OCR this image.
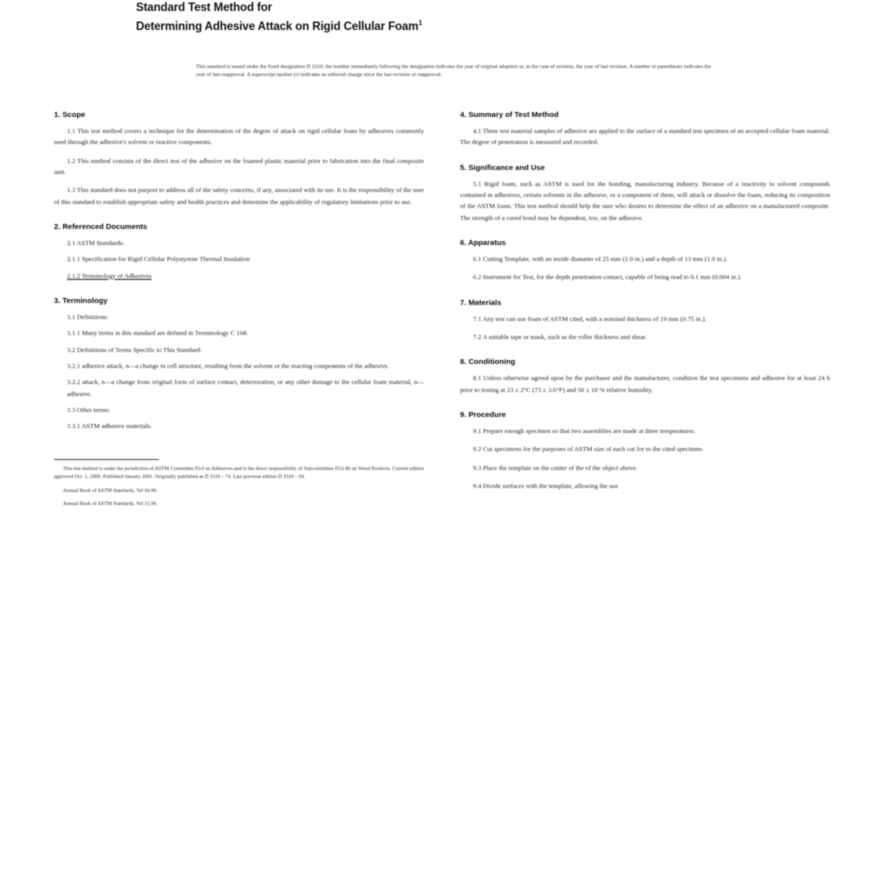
Standard Test Method for
Determining Adhesive Attack on Rigid Cellular Foam$^1$
This standard is issued under the fixed designation D 3310; the number immediately following the designation indicates the year of original adoption or, in the case of revision, the year of last revision. A number in parentheses indicates the year of last reapproval. A superscript epsilon (ε) indicates an editorial change since the last revision or reapproval.
1. Scope

1.1 This test method covers a technique for the determination of the degree of attack on rigid cellular foam by adhesives commonly used through the adhesive's solvent or reactive components.

1.2 This method consists of the direct test of the adhesive on the foamed plastic material prior to fabrication into the final composite unit.

1.3 This standard does not purport to address all of the safety concerns, if any, associated with its use. It is the responsibility of the user of this standard to establish appropriate safety and health practices and determine the applicability of regulatory limitations prior to use.

2. Referenced Documents

2.1 ASTM Standards:

2.1.1 Specification for Rigid Cellular Polystyrene Thermal Insulation

2.1.2 Terminology of Adhesives

3. Terminology

3.1 Definitions:

3.1.1 Many terms in this standard are defined in Terminology C 168.

3.2 Definitions of Terms Specific to This Standard:

3.2.1 adhesive attack, n—a change in cell structure, resulting from the solvent or the reacting components of the adhesive.

3.2.2 attack, n—a change from original form of surface contact, deterioration, or any other damage to the cellular foam material, n—adhesive.

3.3 Other terms:

3.3.1 ASTM adhesive materials.

This test method is under the jurisdiction of ASTM Committee D14 on Adhesives and is the direct responsibility of Subcommittee D14.80 on Wood Products. Current edition approved Oct. 1, 2000. Published January 2001. Originally published as D 3310 – 74. Last previous edition D 3310 – 94.

Annual Book of ASTM Standards, Vol 04.06.

Annual Book of ASTM Standards, Vol 15.06.

4. Summary of Test Method

4.1 Three test material samples of adhesive are applied to the surface of a standard test specimen of an accepted cellular foam material. The degree of penetration is measured and recorded.

5. Significance and Use

5.1 Rigid foam, such as ASTM is used for the bonding, manufacturing industry. Because of a reactivity to solvent compounds contained in adhesives, certain solvents in the adhesive, or a component of them, will attack or dissolve the foam, reducing its composition of the ASTM foam. This test method should help the user who desires to determine the effect of an adhesive on a manufactured composite. The strength of a cured bond may be dependent, too, on the adhesive.

6. Apparatus

6.1 Cutting Template, with an inside diameter of 25 mm (1.0 in.) and a depth of 13 mm (1.0 in.).

6.2 Instrument for Test, for the depth penetration contact, capable of being read to 0.1 mm (0.004 in.).

7. Materials

7.1 Any test can use foam of ASTM cited, with a nominal thickness of 19 mm (0.75 in.).

7.2 A suitable tape or mask, such as the roller thickness and shear.

8. Conditioning

8.1 Unless otherwise agreed upon by the purchaser and the manufacturer, condition the test specimens and adhesive for at least 24 h prior to testing at 23 ± 2°C (73 ± 3.6°F) and 50 ± 10 % relative humidity.

9. Procedure

9.1 Prepare enough specimen so that two assemblies are made at three temperatures.

9.2 Cut specimens for the purposes of ASTM size of each cut for to the cited specimen.

9.3 Place the template on the center of the of the object above.

9.4 Divide surfaces with the template, allowing the use
